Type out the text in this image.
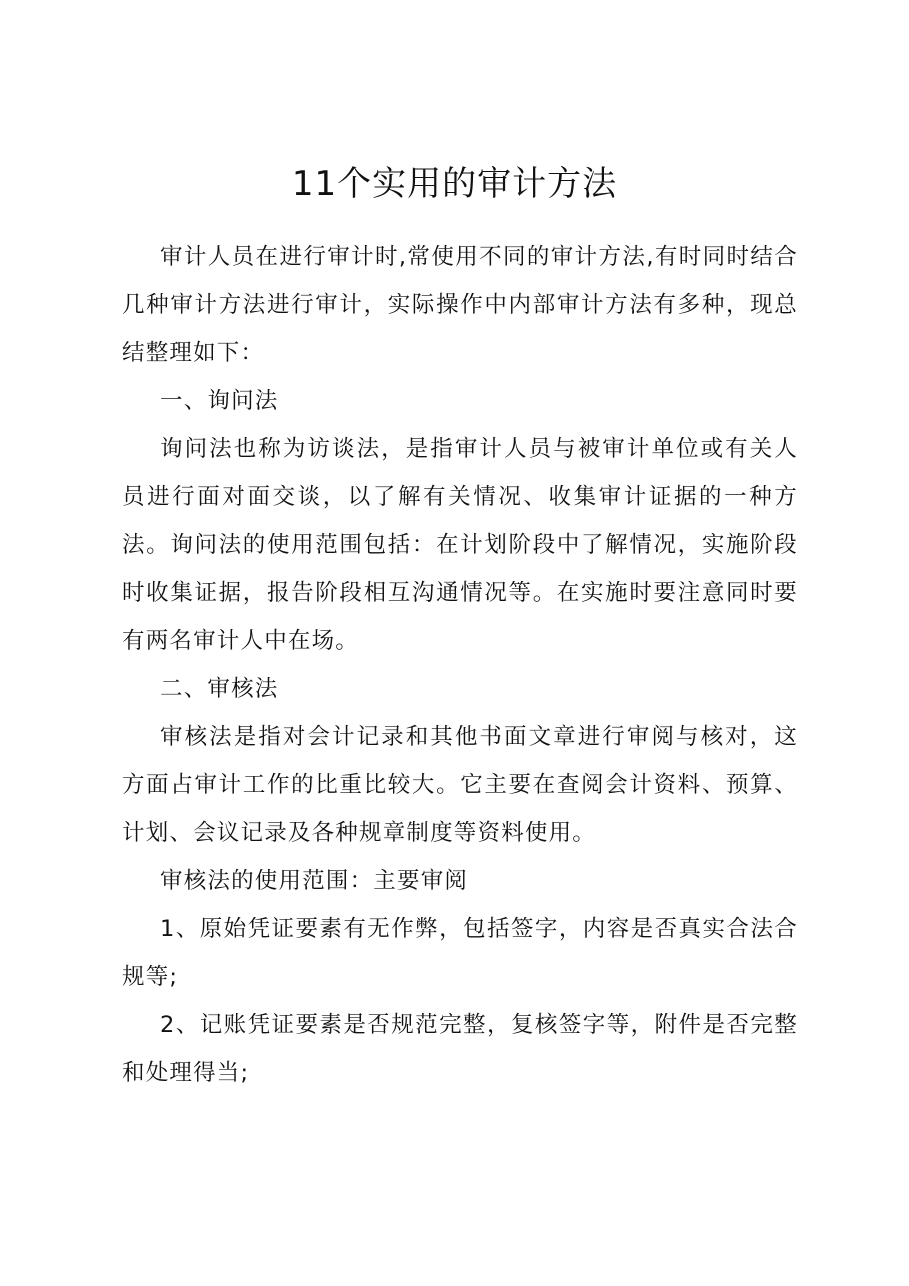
11个实用的审计方法

审计人员在进行审计时,常使用不同的审计方法,有时同时结合几种审计方法进行审计，实际操作中内部审计方法有多种，现总结整理如下：

一、询问法

询问法也称为访谈法，是指审计人员与被审计单位或有关人员进行面对面交谈，以了解有关情况、收集审计证据的一种方法。询问法的使用范围包括：在计划阶段中了解情况，实施阶段时收集证据，报告阶段相互沟通情况等。在实施时要注意同时要有两名审计人中在场。

二、审核法

审核法是指对会计记录和其他书面文章进行审阅与核对，这方面占审计工作的比重比较大。它主要在查阅会计资料、预算、计划、会议记录及各种规章制度等资料使用。

审核法的使用范围：主要审阅

1、原始凭证要素有无作弊，包括签字，内容是否真实合法合规等;

2、记账凭证要素是否规范完整，复核签字等，附件是否完整和处理得当;
